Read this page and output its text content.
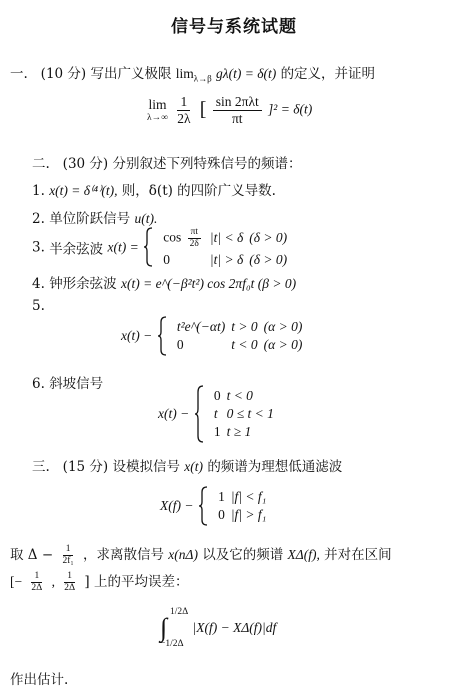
信号与系统试题
一. (10 分) 写出广义极限 $\lim_{\lambda\to\beta} g\lambda(t) = \delta(t)$ 的定义，并证明
lim
λ→∞
$\frac{1}{2\lambda}$ [ $\frac{\text{sin 2πλt}}{\pi t} ]^2 = \delta(t)$
二. (30 分) 分别叙述下列特殊信号的频谱：
1. x(t) = δ⁽⁴⁾(t), 则，δ(t) 的四阶广义导数.
2. 单位阶跃信号 u(t).
3. 半余弦波 $x(t) = \cos \frac{\pi t}{2\delta}$	|t| < δ	(δ > 0)
0	|t| > δ	(δ > 0)
4. 钟形余弦波 x(t) = e^(−β²t²) cos 2πf₀t (β > 0)
5.
x(t) −  t²e^(−αt)	t > 0	(α > 0)
0	t < 0	(α > 0)
6. 斜坡信号
x(t) −  0	t < 0
t	0 ≤ t < 1
1	t ≥ 1
三. (15 分) 设模拟信号 x(t) 的频谱为理想低通滤波
X(f) −  1	|f| < f₁
0	|f| > f₁
取 $\Delta - \frac{1}{\text{2f₁}}$ ，求离散信号 x(nΔ) 以及它的频谱 XΔ(f), 并对在区间
[− $\frac{1}{2\Delta}$ , $\frac{1}{2\Delta}$ ] 上的平均误差：
1/2Δ
∫
−1/2Δ
|X(f) − XΔ(f)|df
作出估计.
